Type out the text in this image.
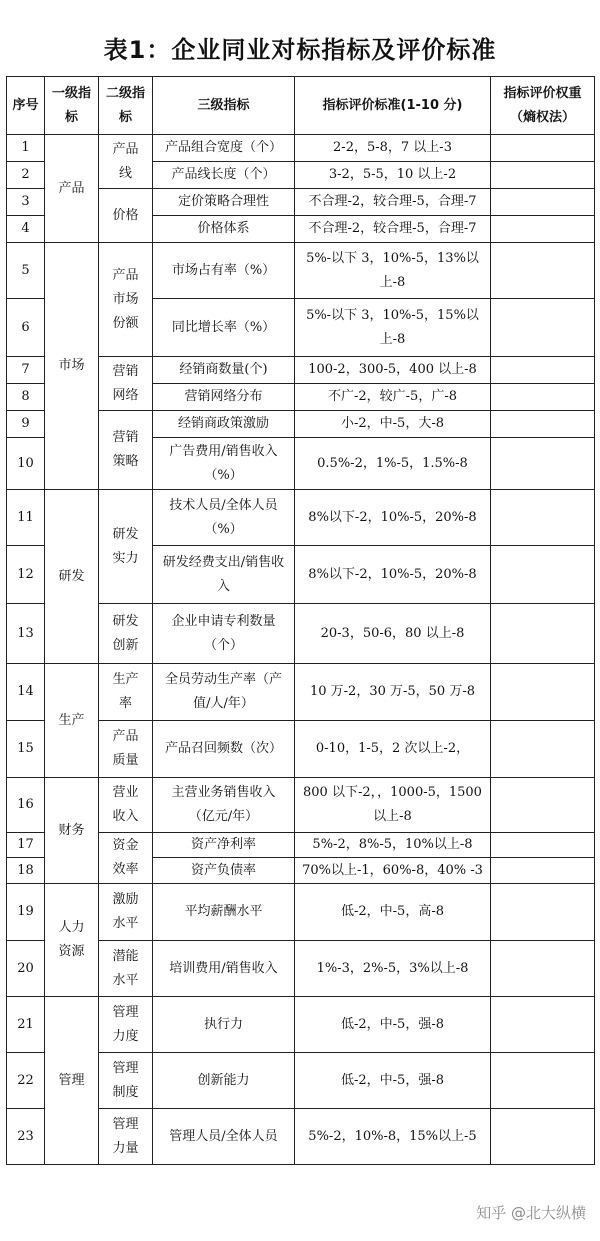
表1：企业同业对标指标及评价标准
序号	一级指标	二级指标	三级指标	指标评价标准(1-10 分)	指标评价权重（熵权法）
1	产品	产品线	产品组合宽度（个）	2-2，5-8，7 以上-3	
2			产品线长度（个）	3-2，5-5，10 以上-2	
3		价格	定价策略合理性	不合理-2，较合理-5，合理-7	
4			价格体系	不合理-2，较合理-5，合理-7	
5	市场	产品市场份额	市场占有率（%）	5%-以下 3，10%-5，13%以上-8	
6			同比增长率（%）	5%-以下 3，10%-5，15%以上-8	
7		营销网络	经销商数量(个)	100-2，300-5，400 以上-8	
8			营销网络分布	不广-2，较广-5，广-8	
9		营销策略	经销商政策激励	小-2，中-5，大-8	
10			广告费用/销售收入（%）	0.5%-2，1%-5，1.5%-8	
11	研发	研发实力	技术人员/全体人员（%）	8%以下-2，10%-5，20%-8	
12			研发经费支出/销售收入	8%以下-2，10%-5，20%-8	
13		研发创新	企业申请专利数量（个）	20-3，50-6，80 以上-8	
14	生产	生产率	全员劳动生产率（产值/人/年）	10 万-2，30 万-5，50 万-8	
15		产品质量	产品召回频数（次）	0-10，1-5，2 次以上-2，	
16	财务	营业收入	主营业务销售收入（亿元/年）	800 以下-2，，1000-5，1500 以上-8	
17		资金效率	资产净利率	5%-2，8%-5，10%以上-8	
18			资产负债率	70%以上-1，60%-8，40% -3	
19	人力资源	激励水平	平均薪酬水平	低-2，中-5，高-8	
20		潜能水平	培训费用/销售收入	1%-3，2%-5，3%以上-8	
21	管理	管理力度	执行力	低-2，中-5，强-8	
22		管理制度	创新能力	低-2，中-5，强-8	
23		管理力量	管理人员/全体人员	5%-2，10%-8，15%以上-5	
知乎 @北大纵横
